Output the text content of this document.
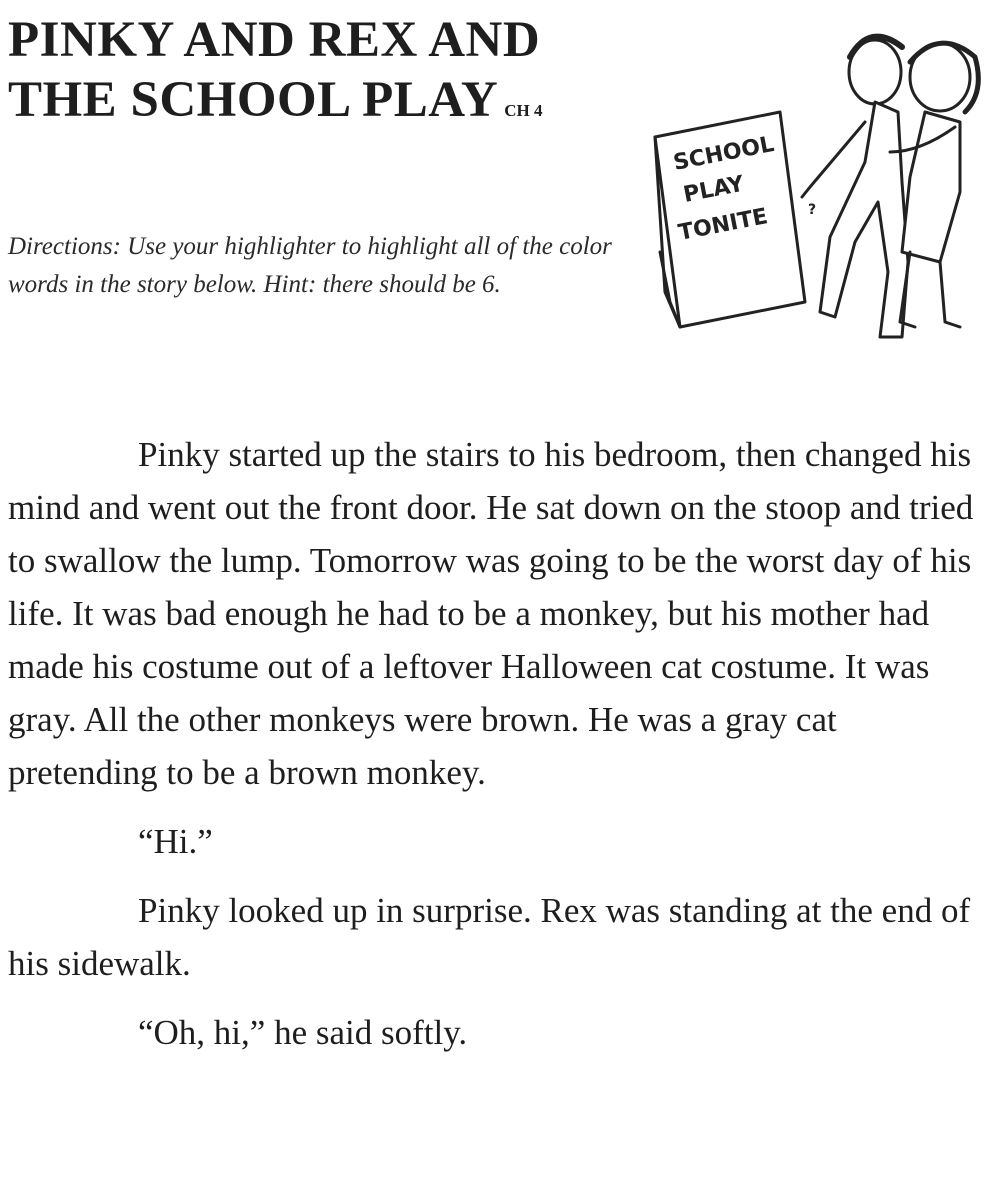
PINKY AND REX AND
THE SCHOOL PLAY CH 4
Directions: Use your highlighter to highlight all of the color words in the story below. Hint: there should be 6.
SCHOOL
PLAY
TONITE	?

Pinky started up the stairs to his bedroom, then changed his mind and went out the front door. He sat down on the stoop and tried to swallow the lump. Tomorrow was going to be the worst day of his life. It was bad enough he had to be a monkey, but his mother had made his costume out of a leftover Halloween cat costume. It was gray. All the other monkeys were brown. He was a gray cat pretending to be a brown monkey.

“Hi.”

Pinky looked up in surprise. Rex was standing at the end of his sidewalk.

“Oh, hi,” he said softly.
